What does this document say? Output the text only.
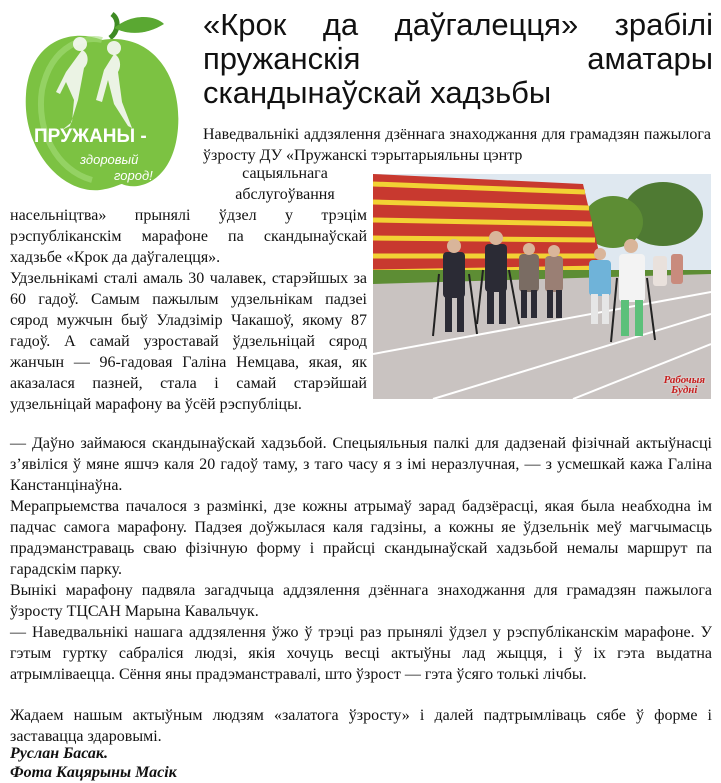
ПРУЖАНЫ -
здоровый
город!
«Крок да даўгалецця» зрабілі пружанскія аматары скандынаўскай хадзьбы

Наведвальнікі аддзялення дзённага знаходжання для грамадзян пажылога ўзросту ДУ «Пружанскі тэрытарыяльны цэнтр

сацыяльнага абслугоўвання

насельніцтва» прынялі ўдзел у трэцім рэспубліканскім марафоне па скандынаўскай хадзьбе «Крок да даўгалецця».

Удзельнікамі сталі амаль 30 чалавек, старэйшых за 60 гадоў. Самым пажылым удзельнікам падзеі сярод мужчын быў Уладзімір Чакашоў, якому 87 гадоў. А самай узроставай ўдзельніцай сярод жанчын — 96-гадовая Галіна Немцава, якая, як аказалася пазней, стала і самай старэйшай удзельніцай марафону ва ўсёй рэспубліцы.

Рабочыя
Будні

— Даўно займаюся скандынаўскай хадзьбой. Спецыяльныя палкі для дадзенай фізічнай актыўнасці з’явіліся ў мяне яшчэ каля 20 гадоў таму, з таго часу я з імі неразлучная, — з усмешкай кажа Галіна Канстанцінаўна.

Мерапрыемства пачалося з размінкі, дзе кожны атрымаў зарад бадзёрасці, якая была неабходна ім падчас самога марафону. Падзея доўжылася каля гадзіны, а кожны яе ўдзельнік меў магчымасць прадэманстраваць сваю фізічную форму і прайсці скандынаўскай хадзьбой немалы маршрут па гарадскім парку.

Вынікі марафону падвяла загадчыца аддзялення дзённага знаходжання для грамадзян пажылога ўзросту ТЦСАН Марына Кавальчук.

— Наведвальнікі нашага аддзялення ўжо ў трэці раз прынялі ўдзел у рэспубліканскім марафоне. У гэтым гуртку сабраліся людзі, якія хочуць весці актыўны лад жыцця, і ў іх гэта выдатна атрымліваецца. Сёння яны прадэманстравалі, што ўзрост — гэта ўсяго толькі лічбы.

Жадаем нашым актыўным людзям «залатога ўзросту» і далей падтрымліваць сябе ў форме і заставацца здаровымі.

Руслан Басак.

Фота Кацярыны Масік
